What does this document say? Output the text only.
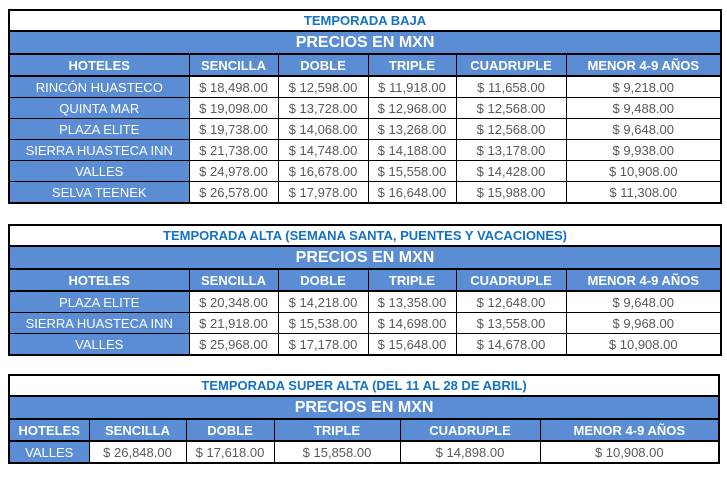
TEMPORADA BAJA					
PRECIOS EN MXN					
HOTELES	SENCILLA	DOBLE	TRIPLE	CUADRUPLE	MENOR 4-9 AÑOS
RINCÓN HUASTECO	$ 18,498.00	$ 12,598.00	$ 11,918.00	$ 11,658.00	$ 9,218.00
QUINTA MAR	$ 19,098.00	$ 13,728.00	$ 12,968.00	$ 12,568.00	$ 9,488.00
PLAZA ELITE	$ 19,738.00	$ 14,068.00	$ 13,268.00	$ 12,568.00	$ 9,648.00
SIERRA HUASTECA INN	$ 21,738.00	$ 14,748.00	$ 14,188.00	$ 13,178.00	$ 9,938.00
VALLES	$ 24,978.00	$ 16,678.00	$ 15,558.00	$ 14,428.00	$ 10,908.00
SELVA TEENEK	$ 26,578.00	$ 17,978.00	$ 16,648.00	$ 15,988.00	$ 11,308.00
TEMPORADA ALTA (SEMANA SANTA, PUENTES Y VACACIONES)					
PRECIOS EN MXN					
HOTELES	SENCILLA	DOBLE	TRIPLE	CUADRUPLE	MENOR 4-9 AÑOS
PLAZA ELITE	$ 20,348.00	$ 14,218.00	$ 13,358.00	$ 12,648.00	$ 9,648.00
SIERRA HUASTECA INN	$ 21,918.00	$ 15,538.00	$ 14,698.00	$ 13,558.00	$ 9,968.00
VALLES	$ 25,968.00	$ 17,178.00	$ 15,648.00	$ 14,678.00	$ 10,908.00
TEMPORADA SUPER ALTA (DEL 11 AL 28 DE ABRIL)					
PRECIOS EN MXN					
HOTELES	SENCILLA	DOBLE	TRIPLE	CUADRUPLE	MENOR 4-9 AÑOS
VALLES	$ 26,848.00	$ 17,618.00	$ 15,858.00	$ 14,898.00	$ 10,908.00
